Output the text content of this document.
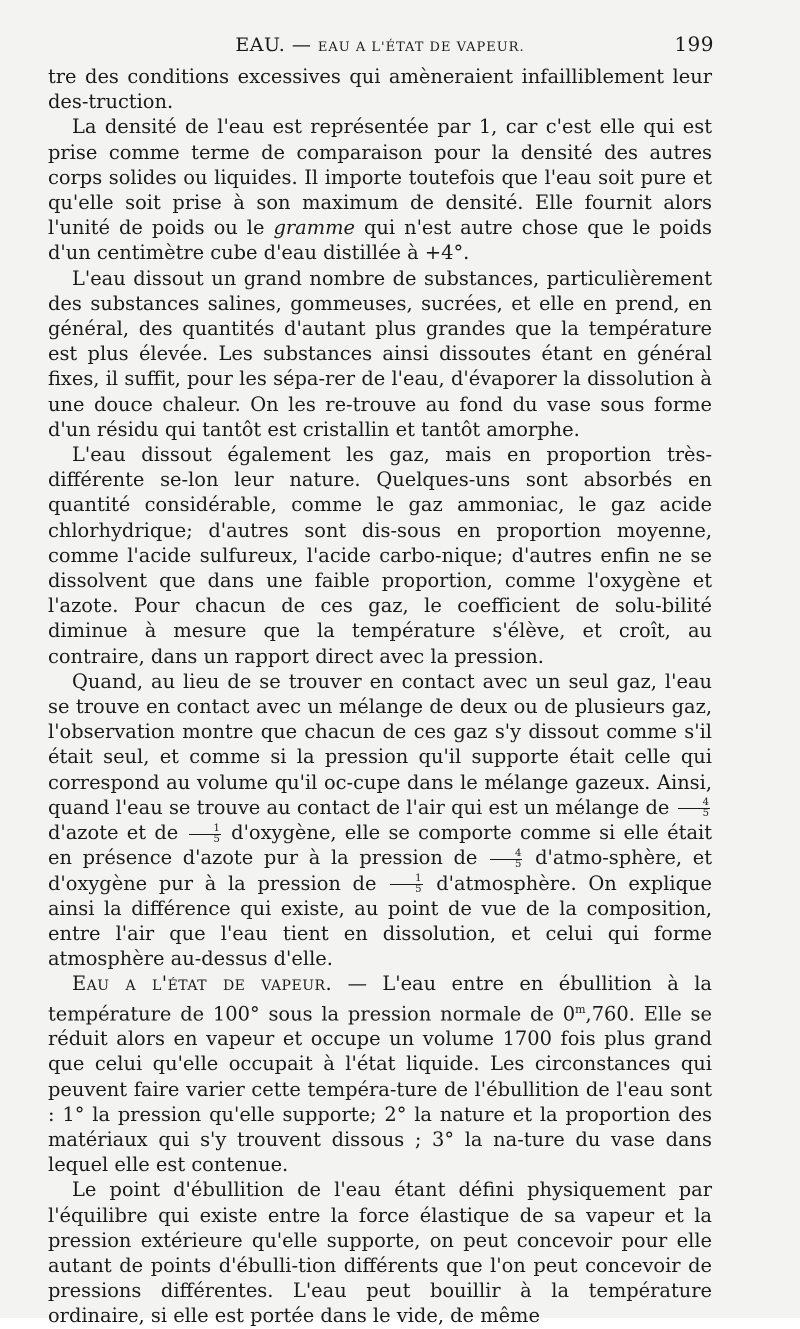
EAU. — EAU A L'ÉTAT DE VAPEUR.	199

tre des conditions excessives qui amèneraient infailliblement leur des-truction.

La densité de l'eau est représentée par 1, car c'est elle qui est prise comme terme de comparaison pour la densité des autres corps solides ou liquides. Il importe toutefois que l'eau soit pure et qu'elle soit prise à son maximum de densité. Elle fournit alors l'unité de poids ou le gramme qui n'est autre chose que le poids d'un centimètre cube d'eau distillée à +4°.

L'eau dissout un grand nombre de substances, particulièrement des substances salines, gommeuses, sucrées, et elle en prend, en général, des quantités d'autant plus grandes que la température est plus élevée. Les substances ainsi dissoutes étant en général fixes, il suffit, pour les sépa-rer de l'eau, d'évaporer la dissolution à une douce chaleur. On les re-trouve au fond du vase sous forme d'un résidu qui tantôt est cristallin et tantôt amorphe.

L'eau dissout également les gaz, mais en proportion très-différente se-lon leur nature. Quelques-uns sont absorbés en quantité considérable, comme le gaz ammoniac, le gaz acide chlorhydrique; d'autres sont dis-sous en proportion moyenne, comme l'acide sulfureux, l'acide carbo-nique; d'autres enfin ne se dissolvent que dans une faible proportion, comme l'oxygène et l'azote. Pour chacun de ces gaz, le coefficient de solu-bilité diminue à mesure que la température s'élève, et croît, au contraire, dans un rapport direct avec la pression.

Quand, au lieu de se trouver en contact avec un seul gaz, l'eau se trouve en contact avec un mélange de deux ou de plusieurs gaz, l'observation montre que chacun de ces gaz s'y dissout comme s'il était seul, et comme si la pression qu'il supporte était celle qui correspond au volume qu'il oc-cupe dans le mélange gazeux. Ainsi, quand l'eau se trouve au contact de l'air qui est un mélange de $\frac{4}{5}$
d'azote et de $\frac{1}{5}$ d'oxygène, elle se comporte comme si elle était en présence d'azote pur à la pression de $\frac{4}{5}$ d'atmo-sphère, et d'oxygène pur à la pression de $\frac{1}{5}$ d'atmosphère. On explique ainsi la différence qui existe, au point de vue de la composition, entre l'air que l'eau tient en dissolution, et celui qui forme atmosphère au-dessus d'elle.

Eau a l'état de vapeur. — L'eau entre en ébullition à la température de 100° sous la pression normale de 0$^m$,760. Elle se réduit alors en vapeur et occupe un volume 1700 fois plus grand que celui qu'elle occupait à l'état liquide. Les circonstances qui peuvent faire varier cette tempéra-ture de l'ébullition de l'eau sont : 1° la pression qu'elle supporte; 2° la nature et la proportion des matériaux qui s'y trouvent dissous ; 3° la na-ture du vase dans lequel elle est contenue.

Le point d'ébullition de l'eau étant défini physiquement par l'équilibre qui existe entre la force élastique de sa vapeur et la pression extérieure qu'elle supporte, on peut concevoir pour elle autant de points d'ébulli-tion différents que l'on peut concevoir de pressions différentes. L'eau peut bouillir à la température ordinaire, si elle est portée dans le vide, de même
